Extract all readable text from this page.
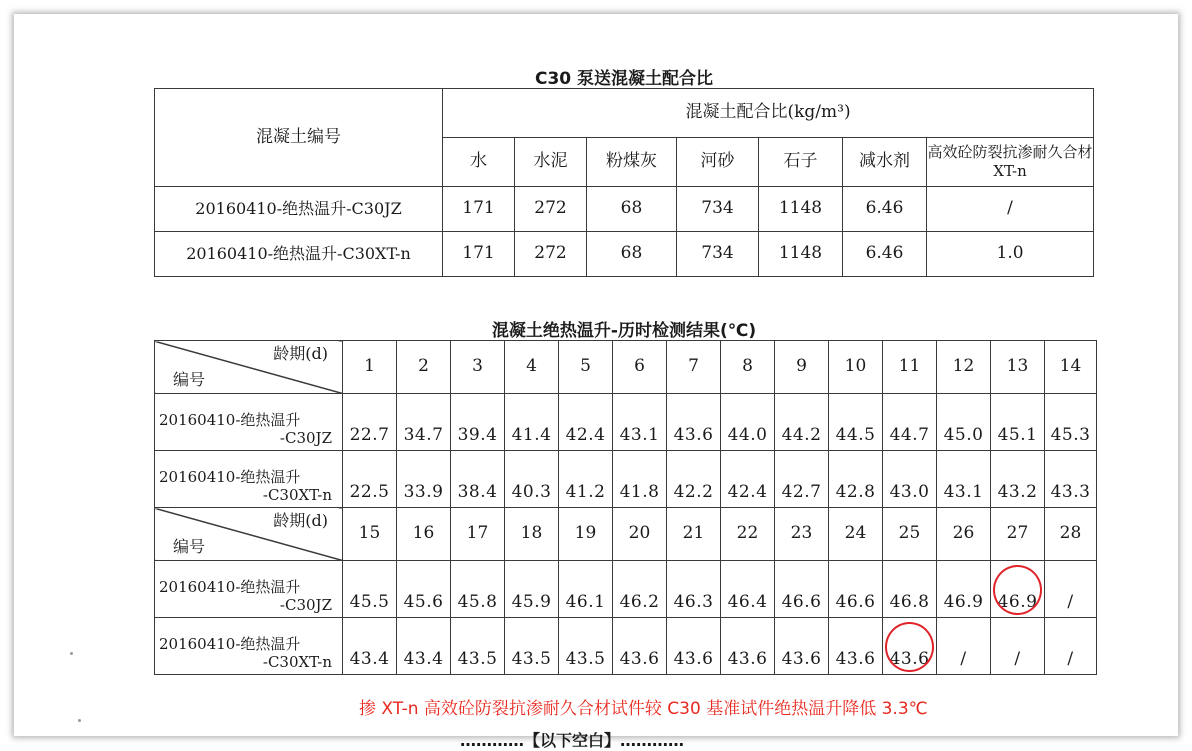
C30 泵送混凝土配合比
混凝土编号	混凝土配合比(kg/m³)						
	水	水泥	粉煤灰	河砂	石子	减水剂	高效砼防裂抗渗耐久合材 XT-n
20160410-绝热温升-C30JZ	171	272	68	734	1148	6.46	/
20160410-绝热温升-C30XT-n	171	272	68	734	1148	6.46	1.0
混凝土绝热温升-历时检测结果(℃)
龄期(d)
编号	1	2	3	4	5	6	7	8	9	10	11	12	13	14

20160410-绝热温升
-C30JZ	22.7	34.7	39.4	41.4	42.4	43.1	43.6	44.0	44.2	44.5	44.7	45.0	45.1	45.3

20160410-绝热温升
-C30XT-n	22.5	33.9	38.4	40.3	41.2	41.8	42.2	42.4	42.7	42.8	43.0	43.1	43.2	43.3

龄期(d)
编号	15	16	17	18	19	20	21	22	23	24	25	26	27	28

20160410-绝热温升
-C30JZ	45.5	45.6	45.8	45.9	46.1	46.2	46.3	46.4	46.6	46.6	46.8	46.9	46.9	/

20160410-绝热温升
-C30XT-n	43.4	43.4	43.5	43.5	43.5	43.6	43.6	43.6	43.6	43.6	43.6	/	/	/
掺 XT-n 高效砼防裂抗渗耐久合材试件较 C30 基准试件绝热温升降低 3.3℃
…………【以下空白】…………
